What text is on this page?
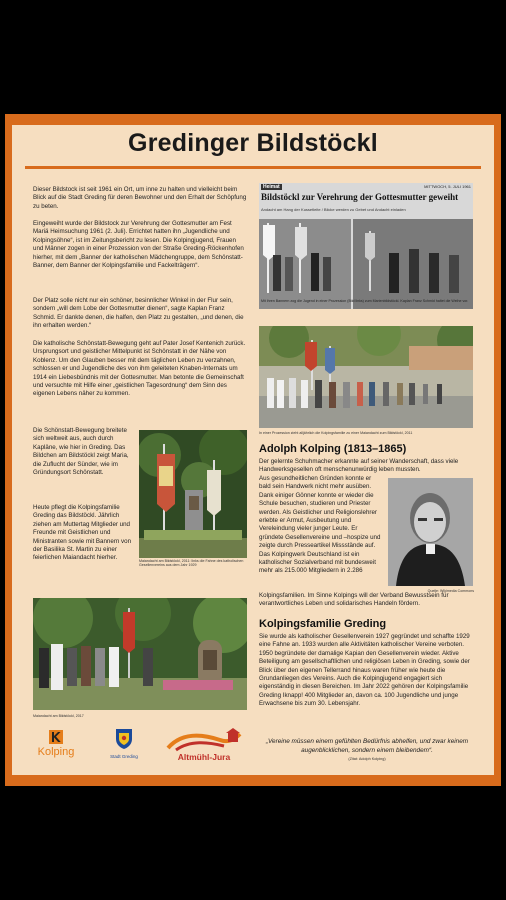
Gredinger Bildstöckl

Dieser Bildstock ist seit 1961 ein Ort, um inne zu halten und vielleicht beim Blick auf die Stadt Greding für deren Bewohner und den Erhalt der Schöpfung zu beten.

Eingeweiht wurde der Bildstock zur Verehrung der Gottesmutter am Fest Mariä Heimsuchung 1961 (2. Juli). Errichtet hatten ihn „Jugendliche und Kolpingsöhne“, ist im Zeitungsbericht zu lesen. Die Kolpingjugend, Frauen und Männer zogen in einer Prozession von der Straße Greding-Röckenhofen hierher, mit dem „Banner der katholischen Mädchengruppe, dem Schönstatt-Banner, dem Banner der Kolpingsfamilie und Fackelträgern“.

Der Platz solle nicht nur ein schöner, besinnlicher Winkel in der Flur sein, sondern „will dem Lobe der Gottesmutter dienen“, sagte Kaplan Franz Schmid. Er dankte denen, die halfen, den Platz zu gestalten, „und denen, die ihn erhalten werden.“

Die katholische Schönstatt-Bewegung geht auf Pater Josef Kentenich zurück. Ursprungsort und geistlicher Mittelpunkt ist Schönstatt in der Nähe von Koblenz. Um den Glauben besser mit dem täglichen Leben zu verzahnen, schlossen er und Jugendliche des von ihm geleiteten Knaben-Internats um 1914 ein Liebesbündnis mit der Gottesmutter. Man betonte die Gemeinschaft und versuchte mit Hilfe einer „geistlichen Tagesordnung“ dem Sinn des eigenen Lebens näher zu kommen.

Die Schönstatt-Bewegung breitete sich weltweit aus, auch durch Kapläne, wie hier in Greding. Das Bildchen am Bildstöckl zeigt Maria, die Zuflucht der Sünder, wie im Gründungsort Schönstatt.

Heute pflegt die Kolpingsfamilie Greding das Bildstöckl. Jährlich ziehen am Muttertag Mitglieder und Freunde mit Geistlichen und Ministranten sowie mit Bannern von der Basilika St. Martin zu einer feierlichen Maiandacht hierher.	Maiandacht am Bildstöckl, 2011: links die Fahne des katholischen Gesellenvereins aus dem Jahr 1929
Maiandacht am Bildstöckl, 2017
Kolping	Stadt Greding	Altmühl-Jura
Heimat	MITTWOCH, 5. JULI 1961
Bildstöckl zur Verehrung der Gottesmutter geweiht
Andacht am Hang der Kussetleite / Blicke werden zu Gebet und Andacht einladen
Mit ihren Bannern zog die Jugend in einer Prozession (Bild links) zum Marienbildstöckl. Kaplan Franz Schmid haltet die Weihe vor.
In einer Prozession zieht alljährlich die Kolpingsfamilie zu einer Maiandacht zum Bildstöckl, 2011
Adolph Kolping (1813–1865)

Der gelernte Schuhmacher erkannte auf seiner Wanderschaft, dass viele Handwerksgesellen oft menschenunwürdig leben mussten.

Aus gesundheitlichen Gründen konnte er bald sein Handwerk nicht mehr ausüben. Dank einiger Gönner konnte er wieder die Schule besuchen, studieren und Priester werden. Als Geistlicher und Religionslehrer erlebte er Armut, Ausbeutung und Vereleindung vieler junger Leute. Er gründete Gesellenvereine und –hospize und zeigte durch Presseartikel Missstände auf. Das Kolpingwerk Deutschland ist ein katholischer Sozialverband mit bundesweit mehr als 215.000 Mitgliedern in 2.286

Kolpingsfamilien. Im Sinne Kolpings will der Verband Bewusstsein für verantwortliches Leben und solidarisches Handeln fördern.

Quelle: Wikimedia Commons
Kolpingsfamilie Greding

Sie wurde als katholischer Gesellenverein 1927 gegründet und schaffte 1929 eine Fahne an. 1933 wurden alle Aktivitäten katholischer Vereine verboten. 1950 begründete der damalige Kapian den Gesellenverein wieder. Aktive Beteiligung am gesellschaftlichen und religiösen Leben in Greding, sowie der Blick über den eigenen Tellerrand hinaus waren früher wie heute die Grundanliegen des Vereins. Auch die Kolpingjugend engagiert sich eigenständig in diesen Bereichen. Im Jahr 2022 gehören der Kolpingsfamilie Greding Iknapp! 400 Mitglieder an, davon ca. 100 Jugendliche und junge Erwachsene bis zum 30. Lebensjahr.

„Vereine müssen einem gefühlten Bedürfnis abhelfen, und zwar keinem augenblicklichen, sondern einem bleibendem“.
(Zitat: Adolph Kolping)
